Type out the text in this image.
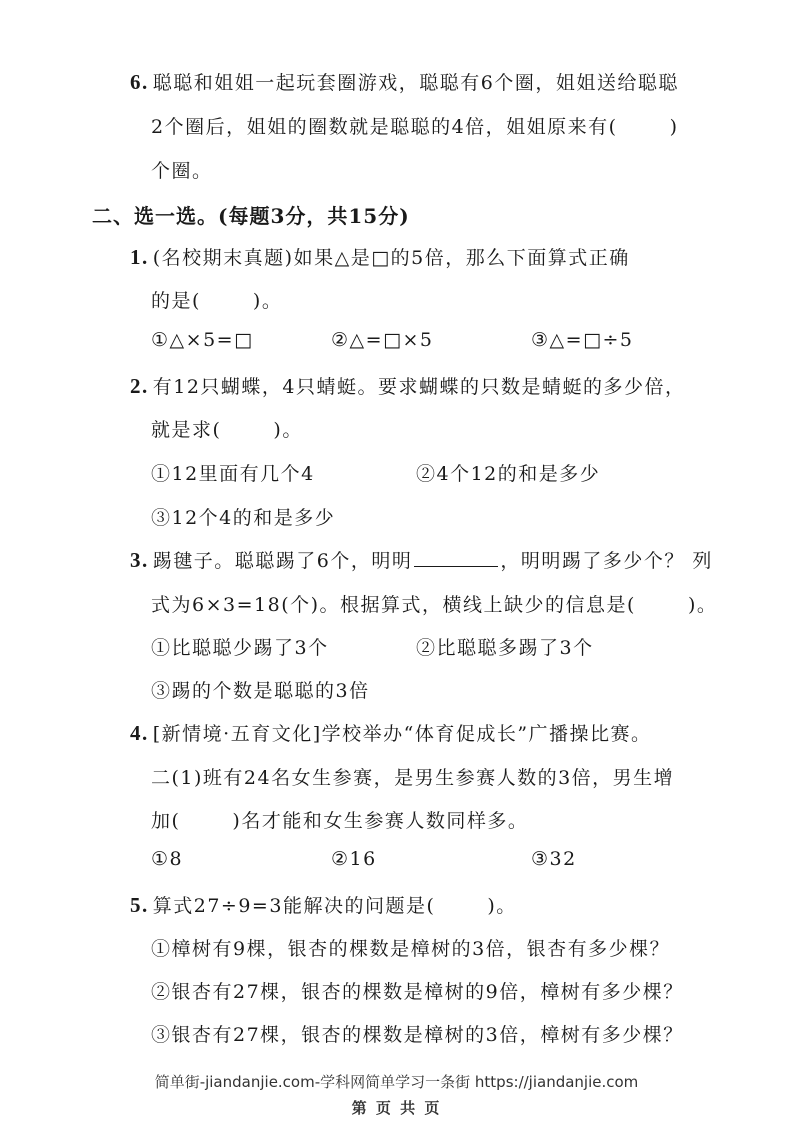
6. 聪聪和姐姐一起玩套圈游戏，聪聪有6个圈，姐姐送给聪聪
2个圈后，姐姐的圈数就是聪聪的4倍，姐姐原来有(	)
个圈。
二、选一选。(每题3分，共15分)
1. (名校期末真题)如果△是□的5倍，那么下面算式正确
的是(	)。
①△×5=□	②△=□×5	③△=□÷5
2. 有12只蝴蝶，4只蜻蜓。要求蝴蝶的只数是蜻蜓的多少倍，
就是求(	)。
①12里面有几个4	②4个12的和是多少
③12个4的和是多少
3. 踢毽子。聪聪踢了6个，明明	，明明踢了多少个？ 列
式为6×3=18(个)。根据算式，横线上缺少的信息是(	)。
①比聪聪少踢了3个	②比聪聪多踢了3个
③踢的个数是聪聪的3倍
4. [新情境·五育文化]学校举办“体育促成长”广播操比赛。
二(1)班有24名女生参赛，是男生参赛人数的3倍，男生增
加(	)名才能和女生参赛人数同样多。
①8	②16	③32
5. 算式27÷9=3能解决的问题是(	)。
①樟树有9棵，银杏的棵数是樟树的3倍，银杏有多少棵？
②银杏有27棵，银杏的棵数是樟树的9倍，樟树有多少棵？
③银杏有27棵，银杏的棵数是樟树的3倍，樟树有多少棵？
简单街-jiandanjie.com-学科网简单学习一条街 https://jiandanjie.com
第 页 共 页
